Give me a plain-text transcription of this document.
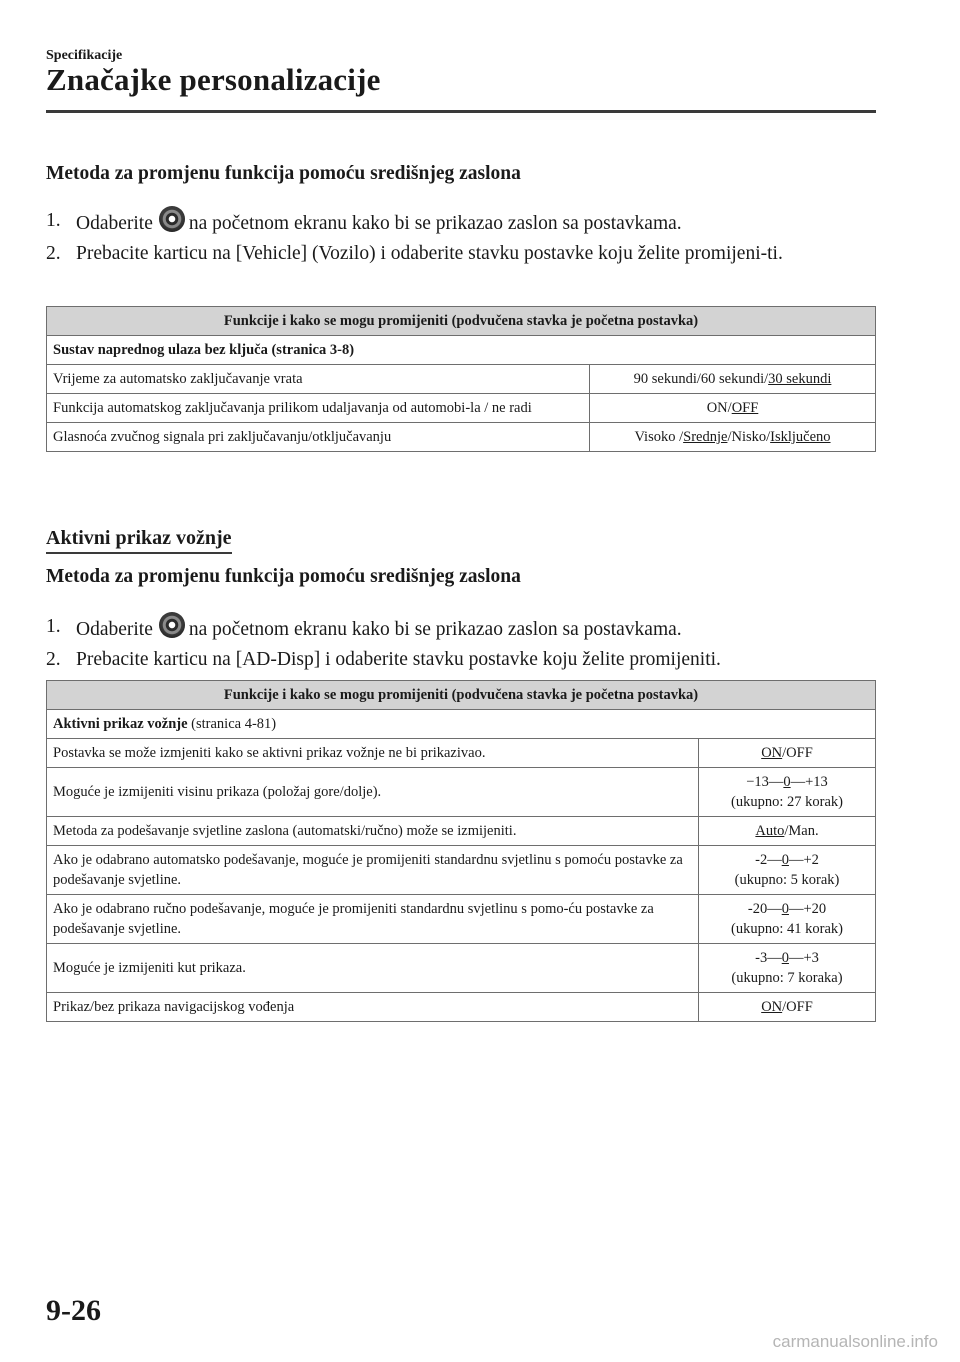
Specifikacije
Značajke personalizacije
Metoda za promjenu funkcija pomoću središnjeg zaslona
1. Odaberite na početnom ekranu kako bi se prikazao zaslon sa postavkama.
2. Prebacite karticu na [Vehicle] (Vozilo) i odaberite stavku postavke koju želite promijeni-ti.
Funkcije i kako se mogu promijeniti (podvučena stavka je početna postavka)	
Sustav naprednog ulaza bez ključa (stranica 3-8)	
Vrijeme za automatsko zaključavanje vrata	90 sekundi/60 sekundi/30 sekundi
Funkcija automatskog zaključavanja prilikom udaljavanja od automobi-la / ne radi	ON/OFF
Glasnoća zvučnog signala pri zaključavanju/otključavanju	Visoko /Srednje/Nisko/Isključeno
Aktivni prikaz vožnje
Metoda za promjenu funkcija pomoću središnjeg zaslona
1. Odaberite na početnom ekranu kako bi se prikazao zaslon sa postavkama.
2. Prebacite karticu na [AD-Disp] i odaberite stavku postavke koju želite promijeniti.
Funkcije i kako se mogu promijeniti (podvučena stavka je početna postavka)	
Aktivni prikaz vožnje (stranica 4-81)	
Postavka se može izmjeniti kako se aktivni prikaz vožnje ne bi prikazivao.	ON/OFF
Moguće je izmijeniti visinu prikaza (položaj gore/dolje).	−13―0―+13
(ukupno: 27 korak)
Metoda za podešavanje svjetline zaslona (automatski/ručno) može se izmijeniti.	Auto/Man.
Ako je odabrano automatsko podešavanje, moguće je promijeniti standardnu svjetlinu s pomoću postavke za podešavanje svjetline.	-2―0―+2
(ukupno: 5 korak)
Ako je odabrano ručno podešavanje, moguće je promijeniti standardnu svjetlinu s pomo-ću postavke za podešavanje svjetline.	-20―0―+20
(ukupno: 41 korak)
Moguće je izmijeniti kut prikaza.	-3―0―+3
(ukupno: 7 koraka)
Prikaz/bez prikaza navigacijskog vođenja	ON/OFF
9-26
carmanualsonline.info
